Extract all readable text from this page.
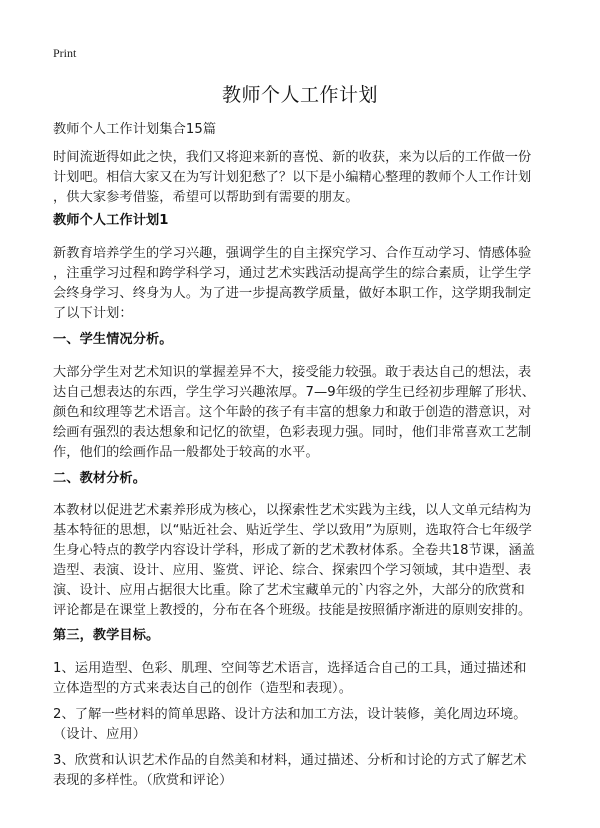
Print
教师个人工作计划

教师个人工作计划集合15篇

时间流逝得如此之快，我们又将迎来新的喜悦、新的收获，来为以后的工作做一份

计划吧。相信大家又在为写计划犯愁了？以下是小编精心整理的教师个人工作计划

，供大家参考借鉴，希望可以帮助到有需要的朋友。

教师个人工作计划1

新教育培养学生的学习兴趣，强调学生的自主探究学习、合作互动学习、情感体验

，注重学习过程和跨学科学习，通过艺术实践活动提高学生的综合素质，让学生学

会终身学习、终身为人。为了进一步提高教学质量，做好本职工作，这学期我制定

了以下计划：

一、学生情况分析。

大部分学生对艺术知识的掌握差异不大，接受能力较强。敢于表达自己的想法，表

达自己想表达的东西，学生学习兴趣浓厚。7—9年级的学生已经初步理解了形状、

颜色和纹理等艺术语言。这个年龄的孩子有丰富的想象力和敢于创造的潜意识，对

绘画有强烈的表达想象和记忆的欲望，色彩表现力强。同时，他们非常喜欢工艺制

作，他们的绘画作品一般都处于较高的水平。

二、教材分析。

本教材以促进艺术素养形成为核心，以探索性艺术实践为主线，以人文单元结构为

基本特征的思想，以“贴近社会、贴近学生、学以致用”为原则，选取符合七年级学

生身心特点的教学内容设计学科，形成了新的艺术教材体系。全卷共18节课，涵盖

造型、表演、设计、应用、鉴赏、评论、综合、探索四个学习领域，其中造型、表

演、设计、应用占据很大比重。除了艺术宝藏单元的`内容之外，大部分的欣赏和

评论都是在课堂上教授的，分布在各个班级。技能是按照循序渐进的原则安排的。

第三，教学目标。

1、运用造型、色彩、肌理、空间等艺术语言，选择适合自己的工具，通过描述和

立体造型的方式来表达自己的创作（造型和表现）。

2、了解一些材料的简单思路、设计方法和加工方法，设计装修，美化周边环境。

（设计、应用）

3、欣赏和认识艺术作品的自然美和材料，通过描述、分析和讨论的方式了解艺术

表现的多样性。（欣赏和评论）
